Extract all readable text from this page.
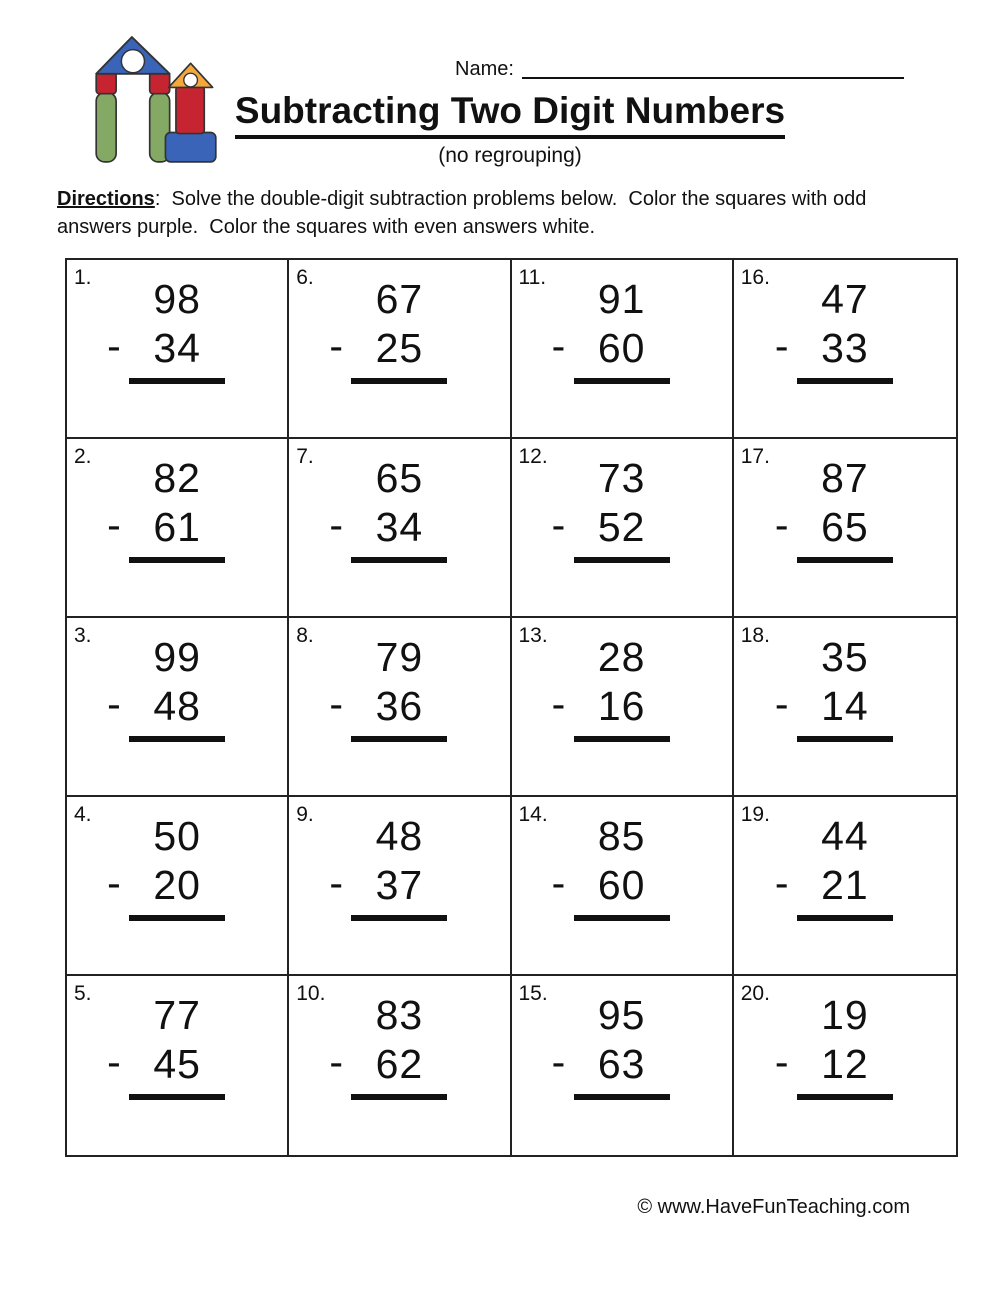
Name:
Subtracting Two Digit Numbers
(no regrouping)
Directions:  Solve the double-digit subtraction problems below.  Color the squares with odd answers purple.  Color the squares with even answers white.
1.	98
- 34
6.	67
- 25
11.	91
- 60
16.	47
- 33
2.	82
- 61
7.	65
- 34
12.	73
- 52
17.	87
- 65
3.	99
- 48
8.	79
- 36
13.	28
- 16
18.	35
- 14
4.	50
- 20
9.	48
- 37
14.	85
- 60
19.	44
- 21
5.	77
- 45
10.	83
- 62
15.	95
- 63
20.	19
- 12
© www.HaveFunTeaching.com
